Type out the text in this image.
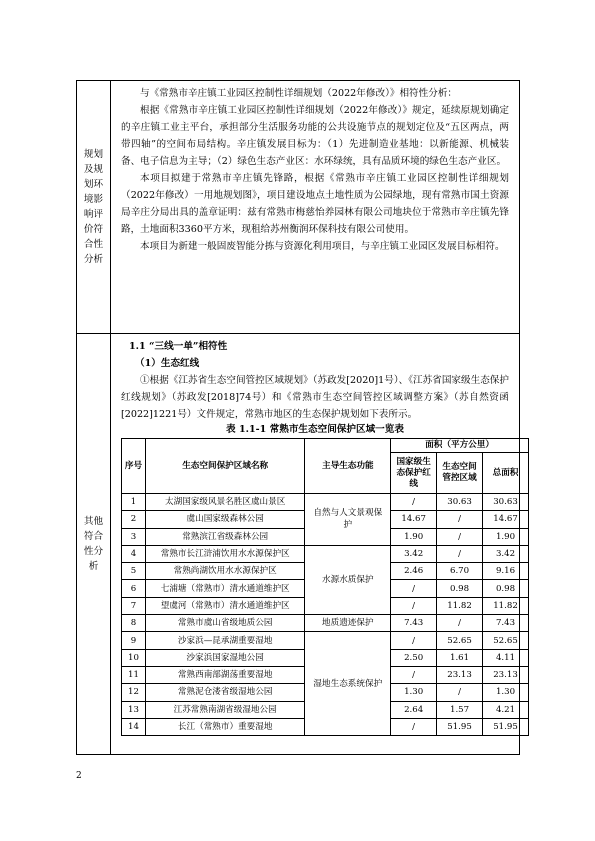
规划及规划环境影响评价符合性分析

与《常熟市辛庄镇工业园区控制性详细规划（2022年修改）》相符性分析：

根据《常熟市辛庄镇工业园区控制性详细规划（2022年修改）》规定，延续原规划确定的辛庄镇工业主平台，承担部分生活服务功能的公共设施节点的规划定位及“五区两点，两带四轴”的空间布局结构。辛庄镇发展目标为：（1）先进制造业基地：以新能源、机械装备、电子信息为主导；（2）绿色生态产业区：水环绿统，具有品质环境的绿色生态产业区。

本项目拟建于常熟市辛庄镇先锋路，根据《常熟市辛庄镇工业园区控制性详细规划（2022年修改）一用地规划图》，项目建设地点土地性质为公园绿地，现有常熟市国土资源局辛庄分局出具的盖章证明：兹有常熟市梅慈怡养园林有限公司地块位于常熟市辛庄镇先锋路，土地面积3360平方米，现租给苏州衡润环保科技有限公司使用。

本项目为新建一般固废智能分拣与资源化利用项目，与辛庄镇工业园区发展目标相符。

其他符合性分析

1.1 “三线一单”相符性

（1）生态红线

①根据《江苏省生态空间管控区域规划》（苏政发[2020]1号）、《江苏省国家级生态保护红线规划》（苏政发[2018]74号）和《常熟市生态空间管控区域调整方案》（苏自然资函[2022]1221号）文件规定，常熟市地区的生态保护规划如下表所示。

表 1.1-1 常熟市生态空间保护区域一览表
序号	生态空间保护区域名称	主导生态功能	面积（平方公里）		
			国家级生态保护红线	生态空间管控区域	总面积
1	太湖国家级风景名胜区虞山景区	自然与人文景观保护	/	30.63	30.63
2	虞山国家级森林公园		14.67	/	14.67
3	常熟滨江省级森林公园		1.90	/	1.90
4	常熟市长江浒浦饮用水水源保护区	水源水质保护	3.42	/	3.42
5	常熟尚湖饮用水水源保护区		2.46	6.70	9.16
6	七浦塘（常熟市）清水通道维护区		/	0.98	0.98
7	望虞河（常熟市）清水通道维护区		/	11.82	11.82
8	常熟市虞山省级地质公园	地质遗迹保护	7.43	/	7.43
9	沙家浜—昆承湖重要湿地	湿地生态系统保护	/	52.65	52.65
10	沙家浜国家湿地公园		2.50	1.61	4.11
11	常熟西南部湖荡重要湿地		/	23.13	23.13
12	常熟泥仓溇省级湿地公园		1.30	/	1.30
13	江苏常熟南湖省级湿地公园		2.64	1.57	4.21
14	长江（常熟市）重要湿地		/	51.95	51.95
2
